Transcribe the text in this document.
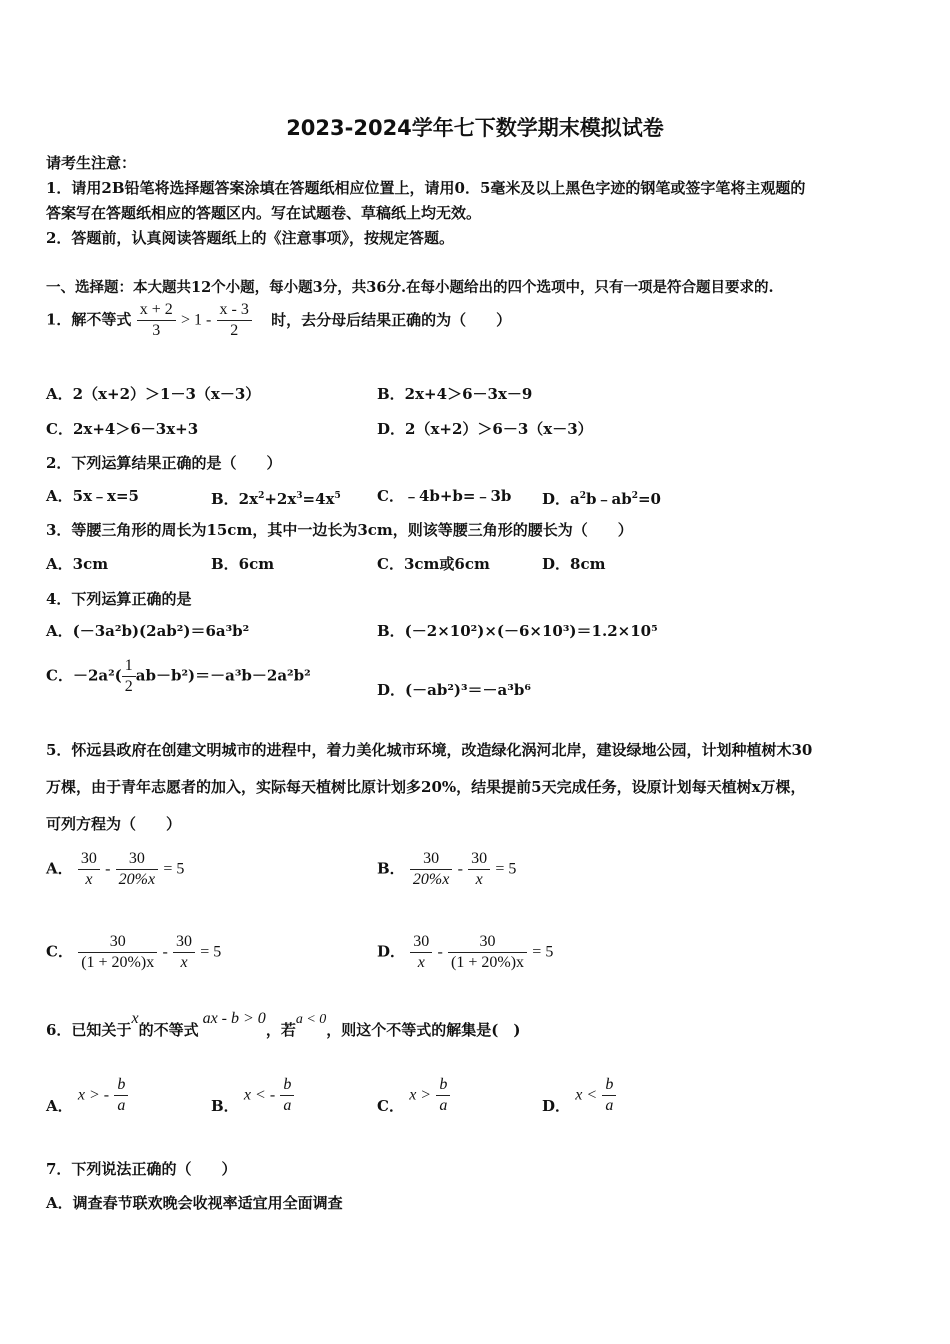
2023-2024学年七下数学期末模拟试卷
请考生注意：
1．请用2B铅笔将选择题答案涂填在答题纸相应位置上，请用0．5毫米及以上黑色字迹的钢笔或签字笔将主观题的
答案写在答题纸相应的答题区内。写在试题卷、草稿纸上均无效。
2．答题前，认真阅读答题纸上的《注意事项》，按规定答题。
一、选择题：本大题共12个小题，每小题3分，共36分.在每小题给出的四个选项中，只有一项是符合题目要求的.
1．解不等式 $\frac{x + 2}{3} > 1 - \frac{x - 3}{2}$ 时，去分母后结果正确的为（　　）
A．2（x+2）＞1－3（x－3）	B．2x+4＞6－3x－9
C．2x+4＞6－3x+3	D．2（x+2）＞6－3（x－3）
2．下列运算结果正确的是（　　）
A．5x﹣x=5	B．$2x^2+2x^3=4x^5$ C．﹣4b+b=﹣3b D．$a^2b﹣ab^2=0$
3．等腰三角形的周长为15cm，其中一边长为3cm，则该等腰三角形的腰长为（　　）
A．3cm	B．6cm	C．3cm或6cm	D．8cm
4．下列运算正确的是
A．(－3a²b)(2ab²)＝6a³b²	B．(－2×10²)×(－6×10³)＝1.2×10⁵
C．$-2a^2( \frac{1}{2} ab-b^2)=-a^3b-2a^2b^2$
D．(－ab²)³＝－a³b⁶
5．怀远县政府在创建文明城市的进程中，着力美化城市环境，改造绿化涡河北岸，建设绿地公园，计划种植树木30
万棵，由于青年志愿者的加入，实际每天植树比原计划多20%，结果提前5天完成任务，设原计划每天植树x万棵，
可列方程为（　　）
A． $\frac{30}{x} - \frac{30}{20\%x} = 5$	B． $\frac{30}{20\%x} - \frac{30}{x} = 5$
C． $\frac{30}{(1 + 20\%)x} - \frac{30}{x} = 5$	D． $\frac{30}{x} - \frac{30}{(1 + 20\%)x} = 5$
6．已知关于x的不等式ax - b > 0，若a < 0，则这个不等式的解集是(　)
A． x > - $\frac{b}{a}$	B． x < - $\frac{b}{a}$	C． $x > \frac{b}{a}$	D． $x < \frac{b}{a}$
7．下列说法正确的（　　）
A．调查春节联欢晚会收视率适宜用全面调查
